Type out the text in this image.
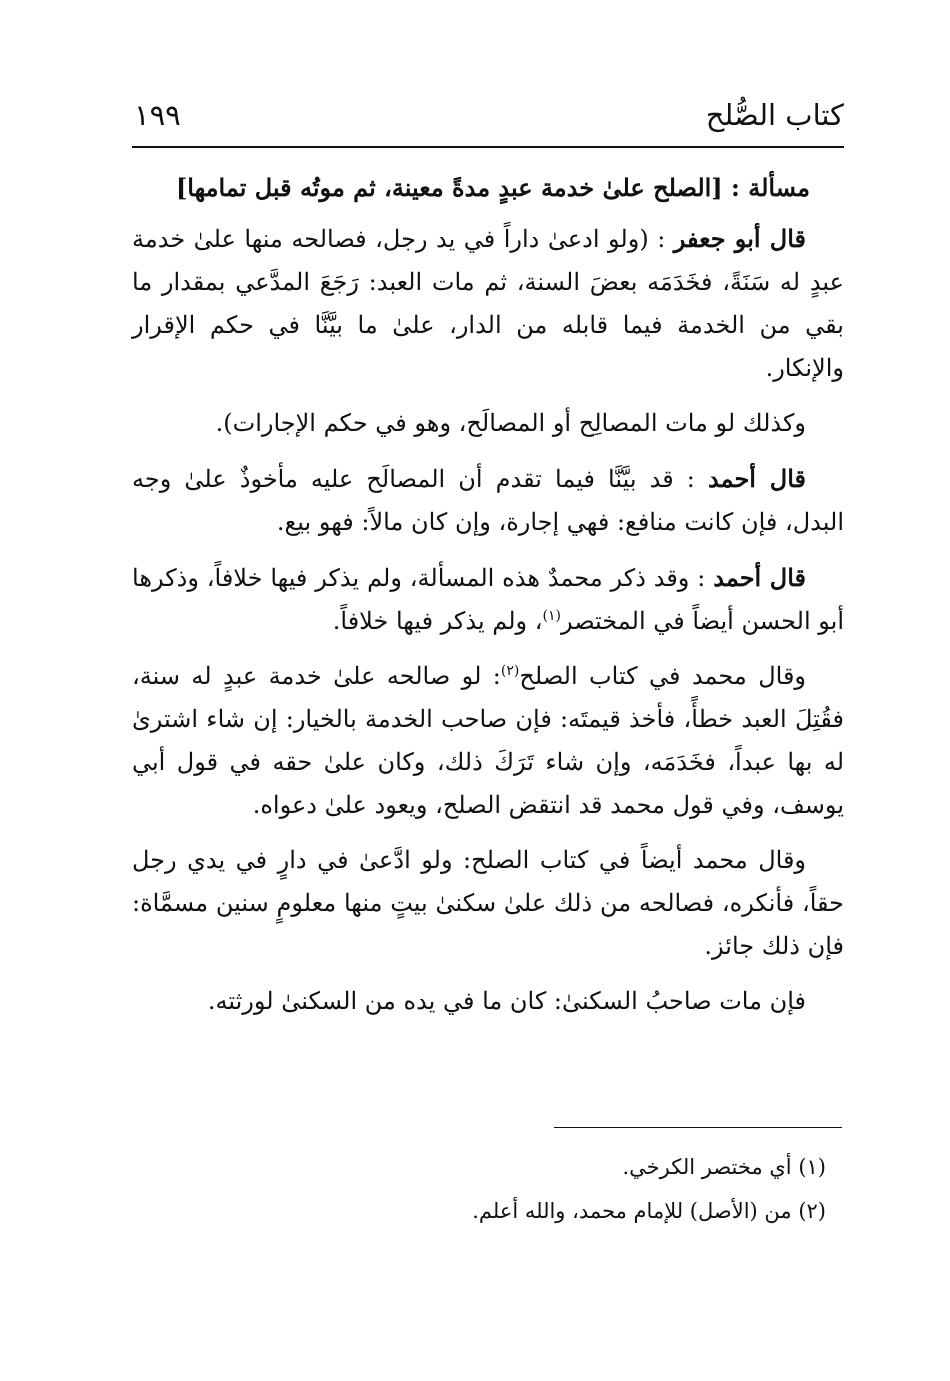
كتاب الصُّلح
١٩٩

مسألة : [الصلح علىٰ خدمة عبدٍ مدةً معينة، ثم موتُه قبل تمامها]

قال أبو جعفر : (ولو ادعىٰ داراً في يد رجل، فصالحه منها علىٰ خدمة عبدٍ له سَنَةً، فخَدَمَه بعضَ السنة، ثم مات العبد: رَجَعَ المدَّعي بمقدار ما بقي من الخدمة فيما قابله من الدار، علىٰ ما بيَّنَّا في حكم الإقرار والإنكار.

وكذلك لو مات المصالِح أو المصالَح، وهو في حكم الإجارات).

قال أحمد : قد بيَّنَّا فيما تقدم أن المصالَح عليه مأخوذٌ علىٰ وجه البدل، فإن كانت منافع: فهي إجارة، وإن كان مالاً: فهو بيع.

قال أحمد : وقد ذكر محمدٌ هذه المسألة، ولم يذكر فيها خلافاً، وذكرها أبو الحسن أيضاً في المختصر$^{(١)}$، ولم يذكر فيها خلافاً.

وقال محمد في كتاب الصلح$^{(٢)}$: لو صالحه علىٰ خدمة عبدٍ له سنة، فقُتِلَ العبد خطأً، فأخذ قيمتَه: فإن صاحب الخدمة بالخيار: إن شاء اشترىٰ له بها عبداً، فخَدَمَه، وإن شاء تَرَكَ ذلك، وكان علىٰ حقه في قول أبي يوسف، وفي قول محمد قد انتقض الصلح، ويعود علىٰ دعواه.

وقال محمد أيضاً في كتاب الصلح: ولو ادَّعىٰ في دارٍ في يدي رجل حقاً، فأنكره، فصالحه من ذلك علىٰ سكنىٰ بيتٍ منها معلومٍ سنين مسمَّاة: فإن ذلك جائز.

فإن مات صاحبُ السكنىٰ: كان ما في يده من السكنىٰ لورثته.

(١) أي مختصر الكرخي.
(٢) من (الأصل) للإمام محمد، والله أعلم.
